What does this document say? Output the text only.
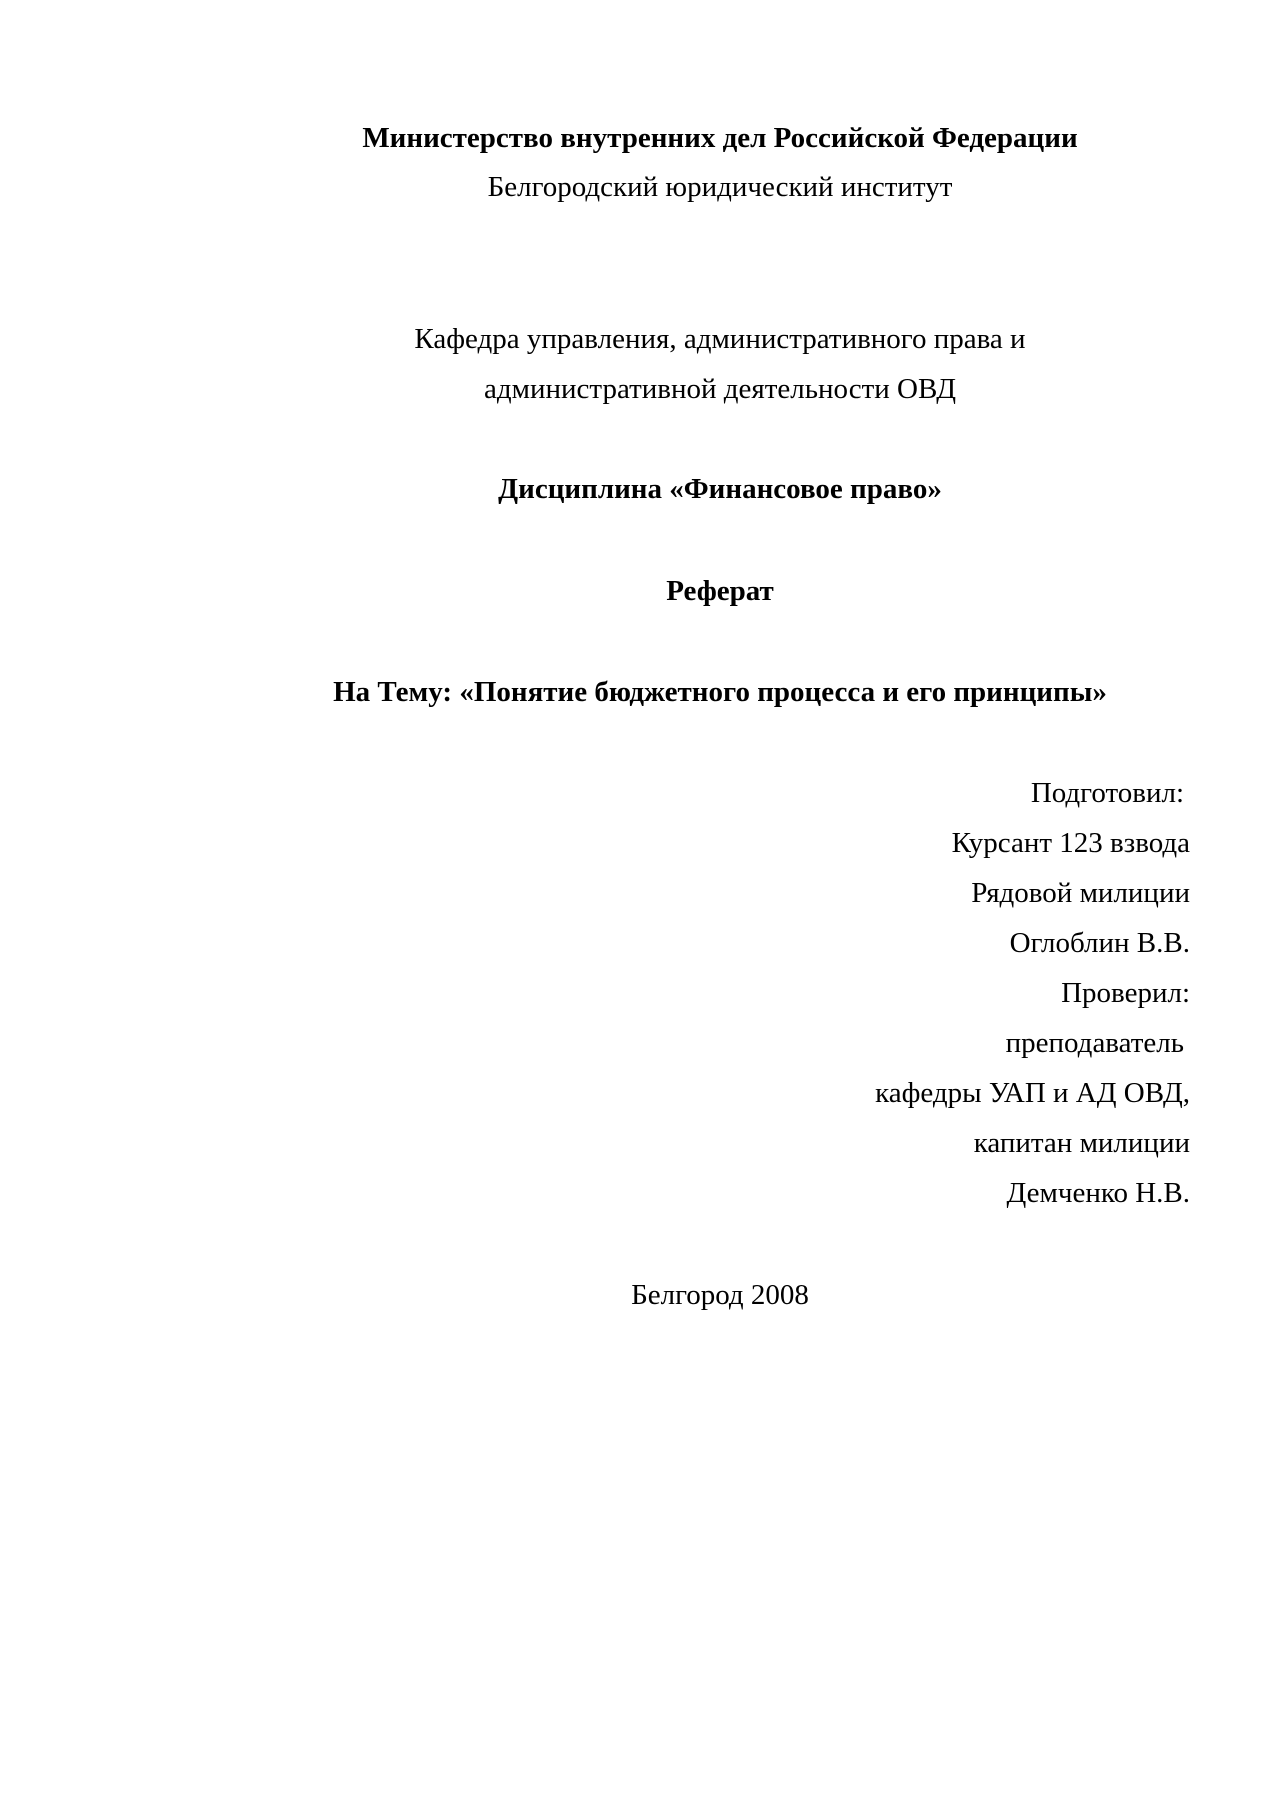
Министерство внутренних дел Российской Федерации
Белгородский юридический институт
Кафедра управления, административного права и
административной деятельности ОВД
Дисциплина «Финансовое право»
Реферат
На Тему: «Понятие бюджетного процесса и его принципы»
Подготовил:
Курсант 123 взвода
Рядовой милиции
Оглоблин В.В.
Проверил:
преподаватель
кафедры УАП и АД ОВД,
капитан милиции
Демченко Н.В.
Белгород 2008
